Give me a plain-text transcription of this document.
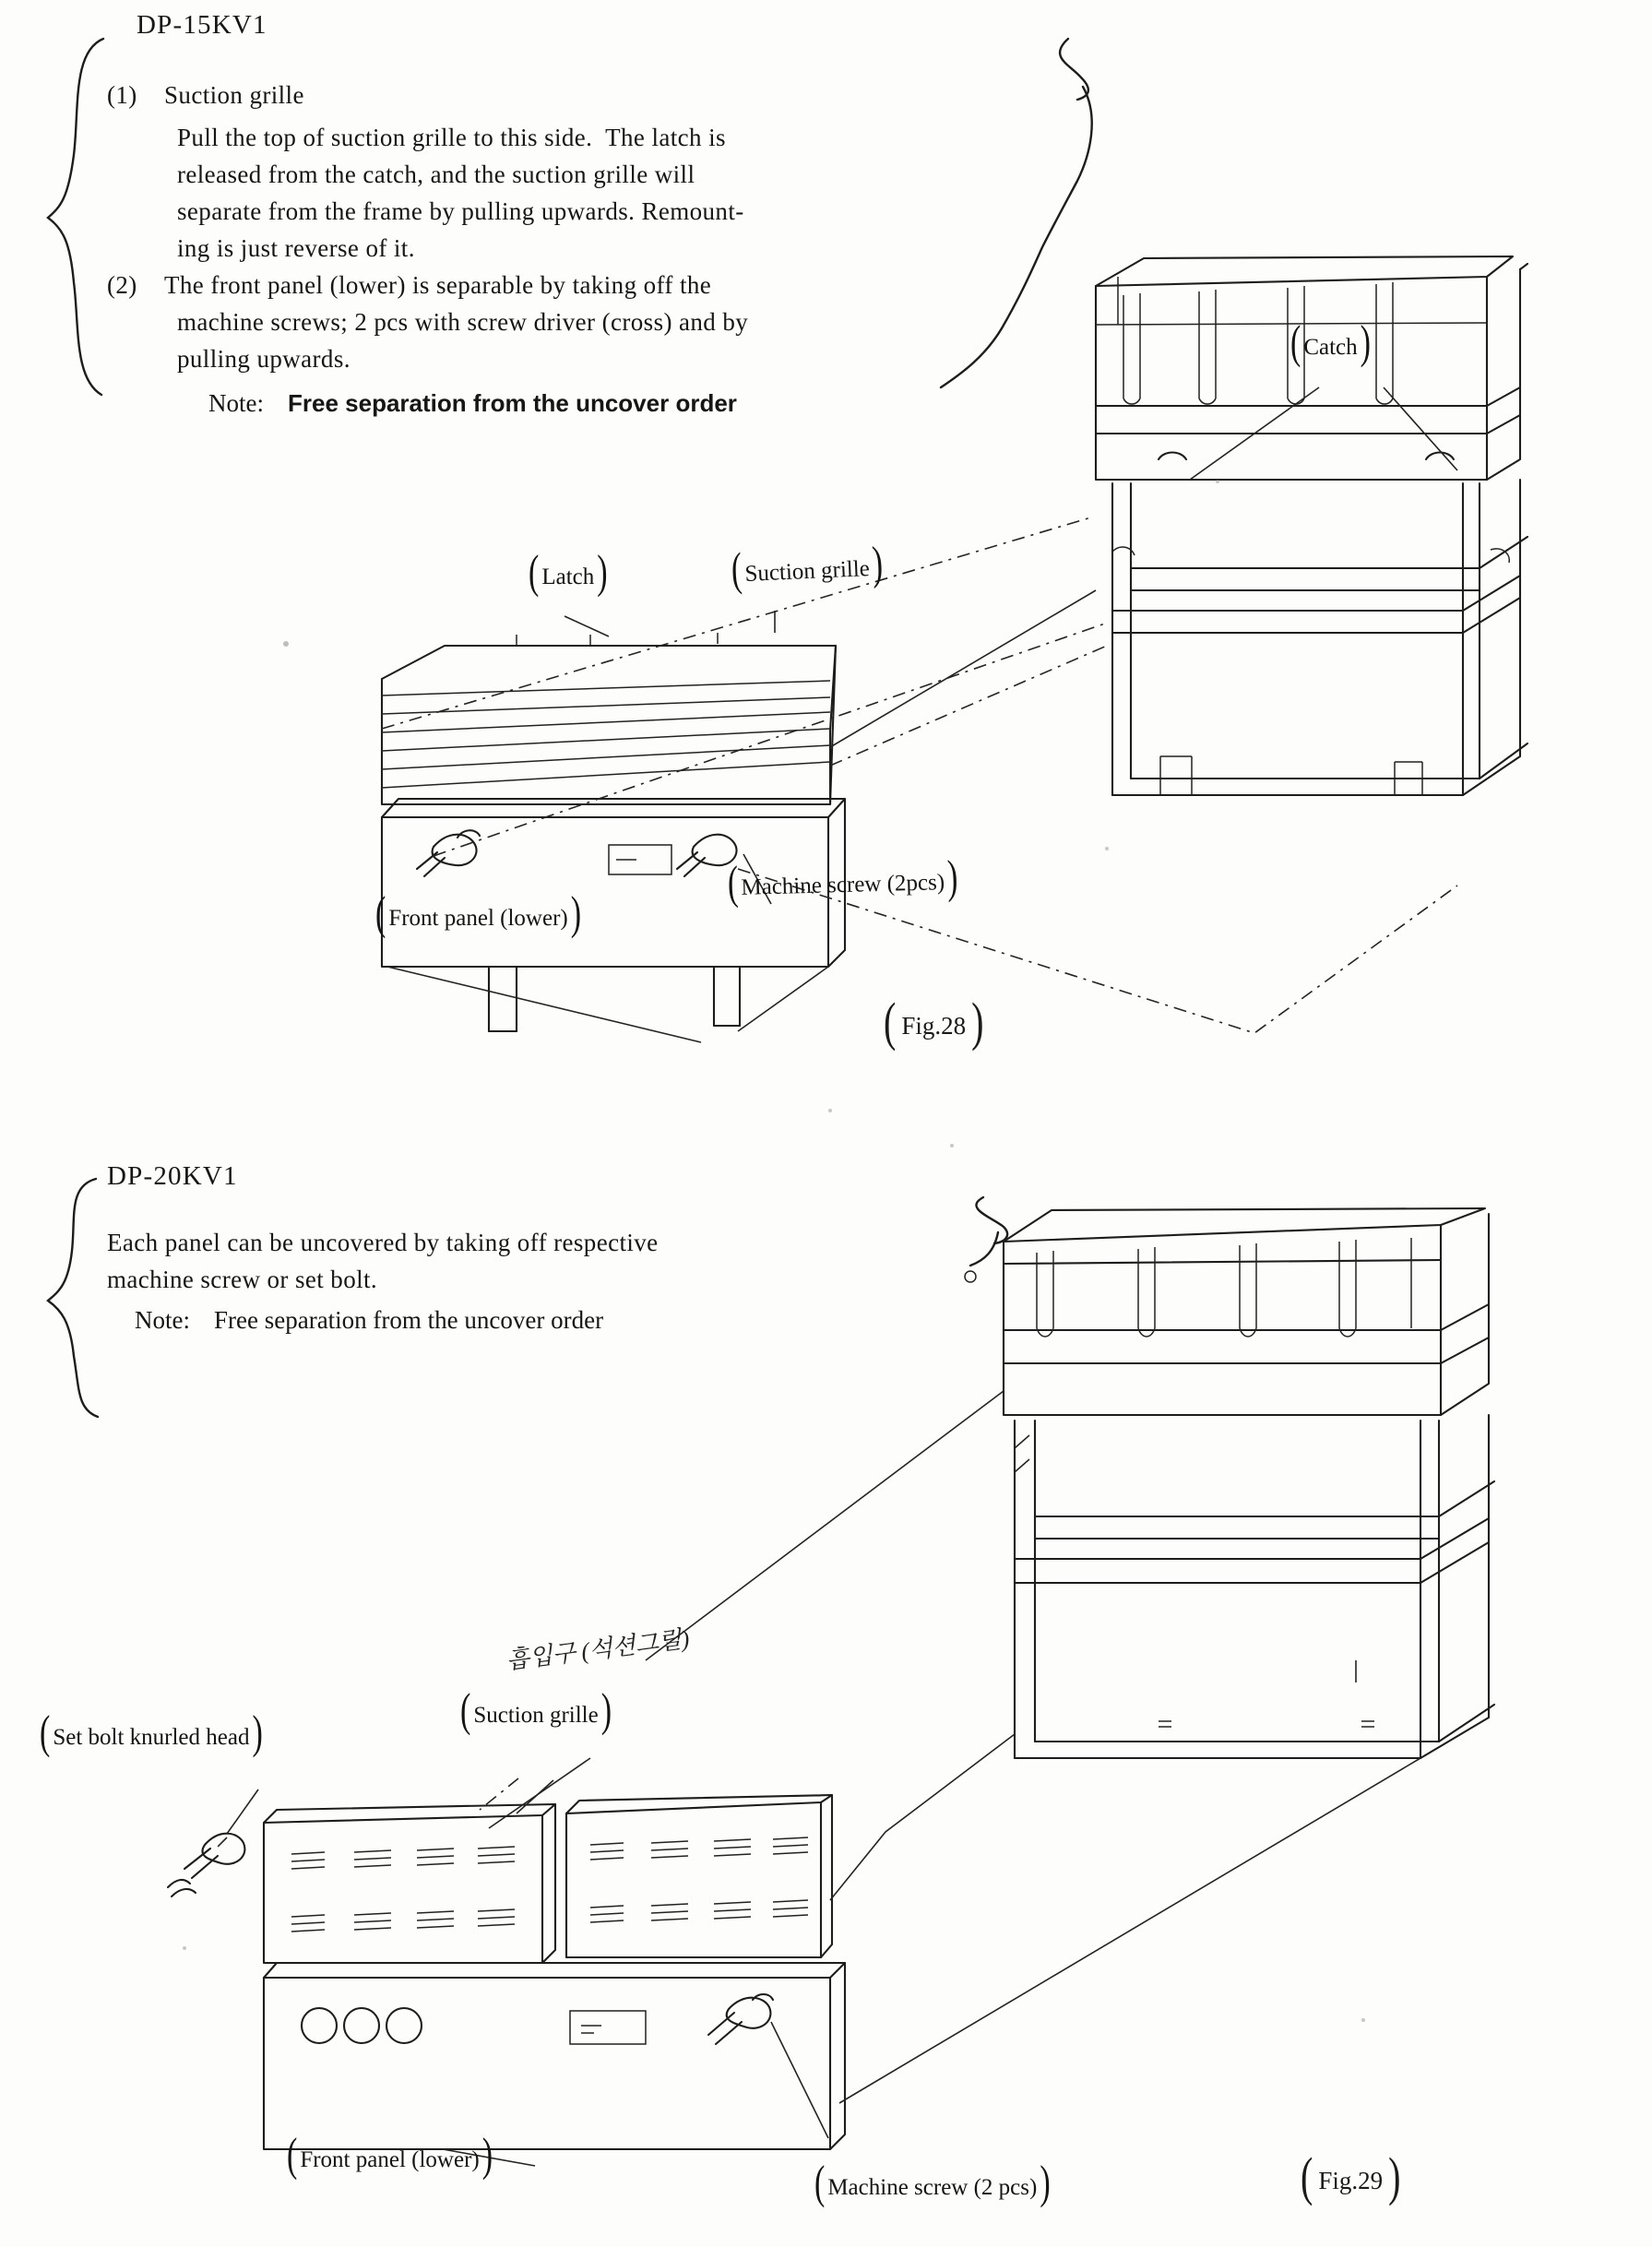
DP-15KV1
(1) Suction grille
Pull the top of suction grille to this side.  The latch is
released from the catch, and the suction grille will
separate from the frame by pulling upwards. Remount-
ing is just reverse of it.
(2) The front panel (lower) is separable by taking off the
machine screws; 2 pcs with screw driver (cross) and by
pulling upwards.
Note: Free separation from the uncover order
( Latch)	(Suction grille)
( Catch)
( Front panel (lower))
(Machine screw (2pcs))
( Fig.28 )
DP-20KV1
Each panel can be uncovered by taking off respective
machine screw or set bolt.
Note: Free separation from the uncover order
흡입구 (석션그릴)
( Set bolt knurled head)	( Suction grille)
( Front panel (lower))
( Machine screw (2 pcs))	( Fig.29 )
